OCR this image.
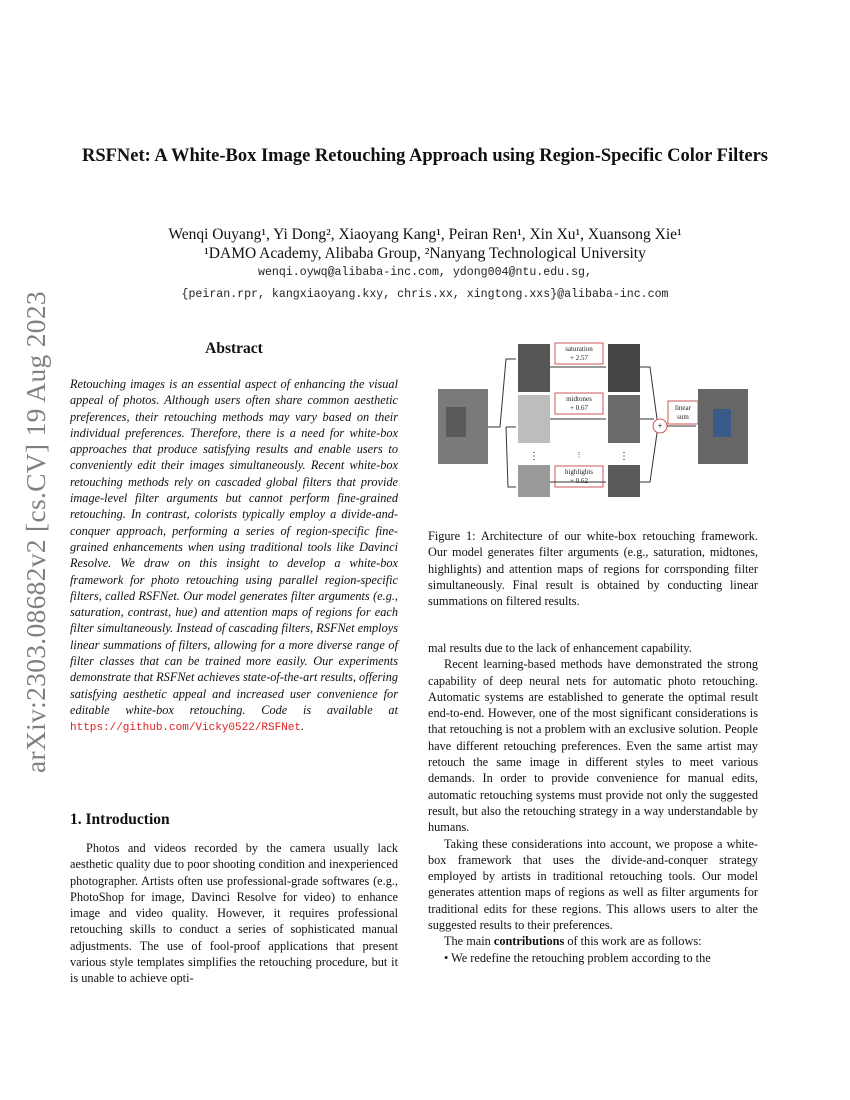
arXiv:2303.08682v2 [cs.CV] 19 Aug 2023
RSFNet: A White-Box Image Retouching Approach using Region-Specific Color Filters
Wenqi Ouyang¹, Yi Dong², Xiaoyang Kang¹, Peiran Ren¹, Xin Xu¹, Xuansong Xie¹
¹DAMO Academy, Alibaba Group, ²Nanyang Technological University
wenqi.oywq@alibaba-inc.com, ydong004@ntu.edu.sg,
{peiran.rpr, kangxiaoyang.kxy, chris.xx, xingtong.xxs}@alibaba-inc.com
Abstract
Retouching images is an essential aspect of enhancing the visual appeal of photos. Although users often share common aesthetic preferences, their retouching methods may vary based on their individual preferences. Therefore, there is a need for white-box approaches that produce satisfying results and enable users to conveniently edit their images simultaneously. Recent white-box retouching methods rely on cascaded global filters that provide image-level filter arguments but cannot perform fine-grained retouching. In contrast, colorists typically employ a divide-and-conquer approach, performing a series of region-specific fine-grained enhancements when using traditional tools like Davinci Resolve. We draw on this insight to develop a white-box framework for photo retouching using parallel region-specific filters, called RSFNet. Our model generates filter arguments (e.g., saturation, contrast, hue) and attention maps of regions for each filter simultaneously. Instead of cascading filters, RSFNet employs linear summations of filters, allowing for a more diverse range of filter classes that can be trained more easily. Our experiments demonstrate that RSFNet achieves state-of-the-art results, offering satisfying aesthetic appeal and increased user convenience for editable white-box retouching. Code is available at https://github.com/Vicky0522/RSFNet.
1. Introduction

Photos and videos recorded by the camera usually lack aesthetic quality due to poor shooting condition and inexperienced photographer. Artists often use professional-grade softwares (e.g., PhotoShop for image, Davinci Resolve for video) to enhance image and video quality. However, it requires professional retouching skills to conduct a series of sophisticated manual adjustments. The use of fool-proof applications that present various style templates simplifies the retouching procedure, but it is unable to achieve opti-

⋮
saturation
+ 2.57
midtones
+ 0.67
highlights
+ 0.62
⋮	⋮
+
linear
sum
Figure 1: Architecture of our white-box retouching framework. Our model generates filter arguments (e.g., saturation, midtones, highlights) and attention maps of regions for corrsponding filter simultaneously. Final result is obtained by conducting linear summations on filtered results.

mal results due to the lack of enhancement capability.

Recent learning-based methods have demonstrated the strong capability of deep neural nets for automatic photo retouching. Automatic systems are established to generate the optimal result end-to-end. However, one of the most significant considerations is that retouching is not a problem with an exclusive solution. People have different retouching preferences. Even the same artist may retouch the same image in different styles to meet various demands. In order to provide convenience for manual edits, automatic retouching systems must provide not only the suggested result, but also the retouching strategy in a way understandable by humans.

Taking these considerations into account, we propose a white-box framework that uses the divide-and-conquer strategy employed by artists in traditional retouching tools. Our model generates attention maps of regions as well as filter arguments for traditional edits for these regions. This allows users to alter the suggested results to their preferences.

The main contributions of this work are as follows:

• We redefine the retouching problem according to the
